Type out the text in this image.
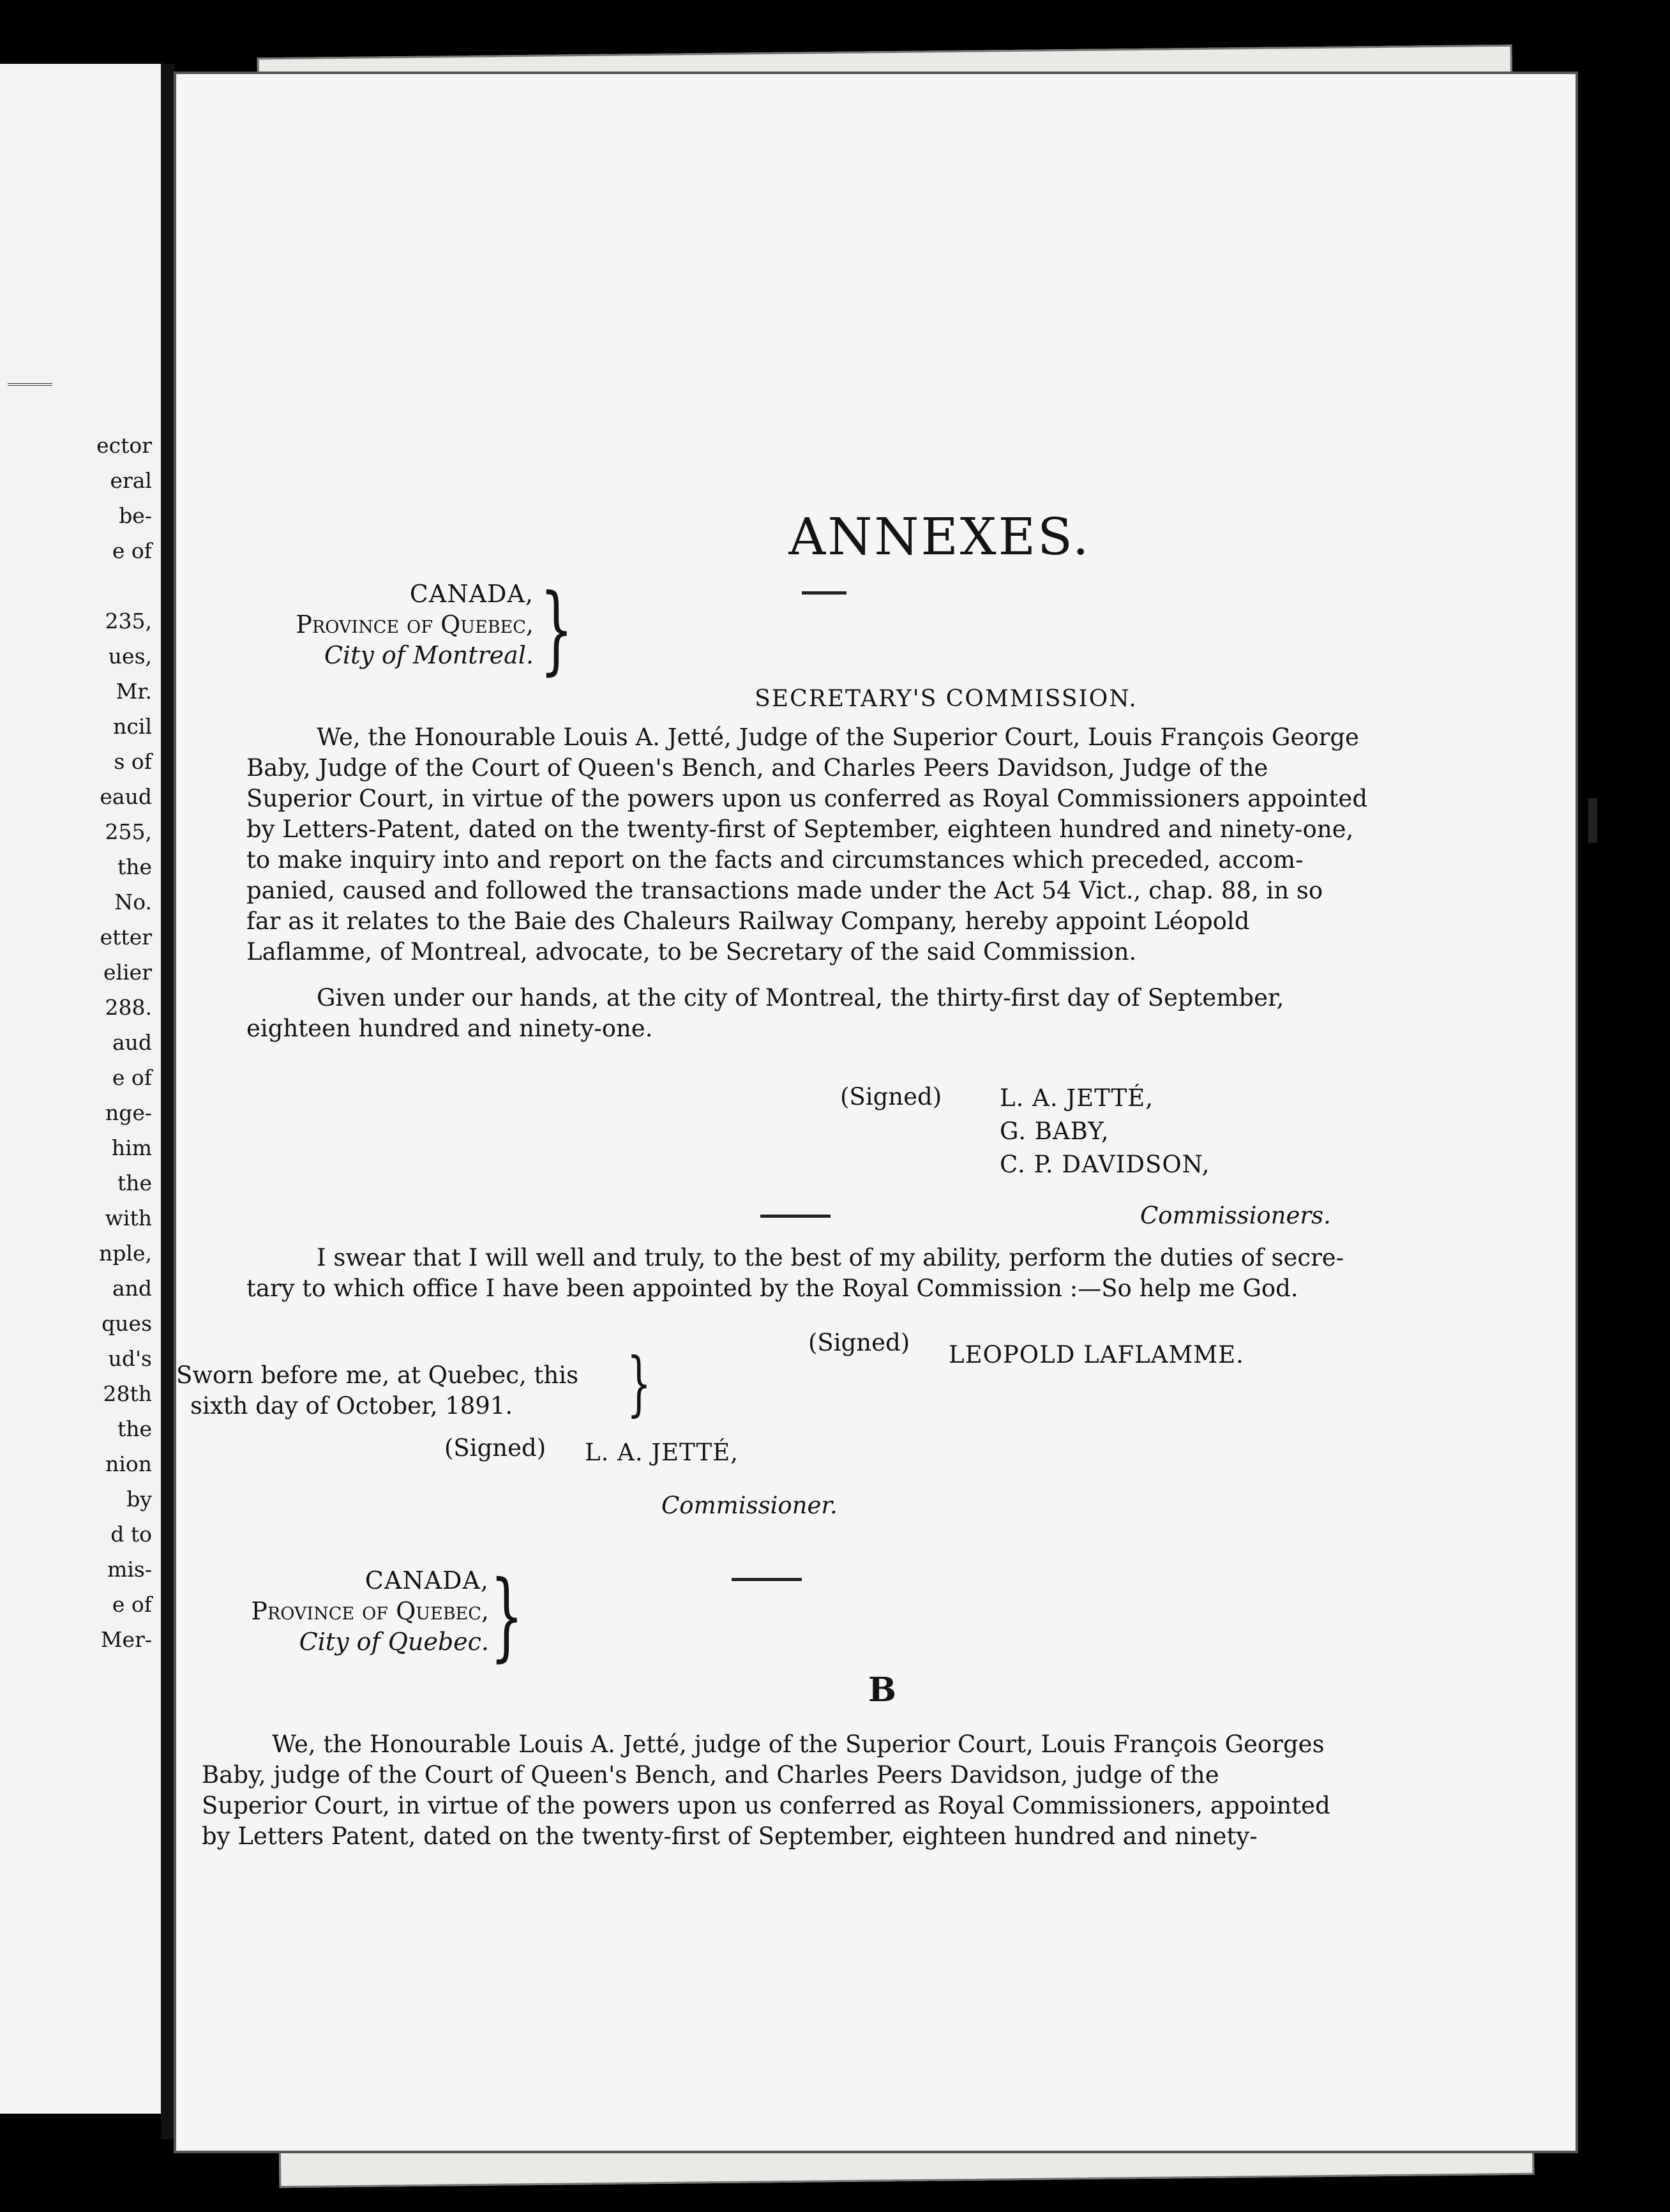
ector
eral
be-
e of

235,
ues,
Mr.
ncil
s of
eaud
255,
the
No.
etter
elier
288.
aud
e of
nge-
him
the
with
nple,
and
ques
ud's
28th
the
nion
by
d to
mis-
e of
Mer-
ANNEXES.
CANADA,
Province of Quebec,
City of Montreal. }
SECRETARY'S COMMISSION.
We, the Honourable Louis A. Jetté, Judge of the Superior Court, Louis François George
Baby, Judge of the Court of Queen's Bench, and Charles Peers Davidson, Judge of the
Superior Court, in virtue of the powers upon us conferred as Royal Commissioners appointed
by Letters-Patent, dated on the twenty-first of September, eighteen hundred and ninety-one,
to make inquiry into and report on the facts and circumstances which preceded, accom-
panied, caused and followed the transactions made under the Act 54 Vict., chap. 88, in so
far as it relates to the Baie des Chaleurs Railway Company, hereby appoint Léopold
Laflamme, of Montreal, advocate, to be Secretary of the said Commission.
Given under our hands, at the city of Montreal, the thirty-first day of September,
eighteen hundred and ninety-one.
(Signed) L. A. JETTÉ,
G. BABY,
C. P. DAVIDSON,
Commissioners.
I swear that I will well and truly, to the best of my ability, perform the duties of secre-
tary to which office I have been appointed by the Royal Commission :—So help me God.
(Signed) LEOPOLD LAFLAMME.
Sworn before me, at Quebec, this
sixth day of October, 1891.	}
(Signed) L. A. JETTÉ,
Commissioner.
CANADA,
Province of Quebec,
City of Quebec. }
B
We, the Honourable Louis A. Jetté, judge of the Superior Court, Louis François Georges
Baby, judge of the Court of Queen's Bench, and Charles Peers Davidson, judge of the
Superior Court, in virtue of the powers upon us conferred as Royal Commissioners, appointed
by Letters Patent, dated on the twenty-first of September, eighteen hundred and ninety-
